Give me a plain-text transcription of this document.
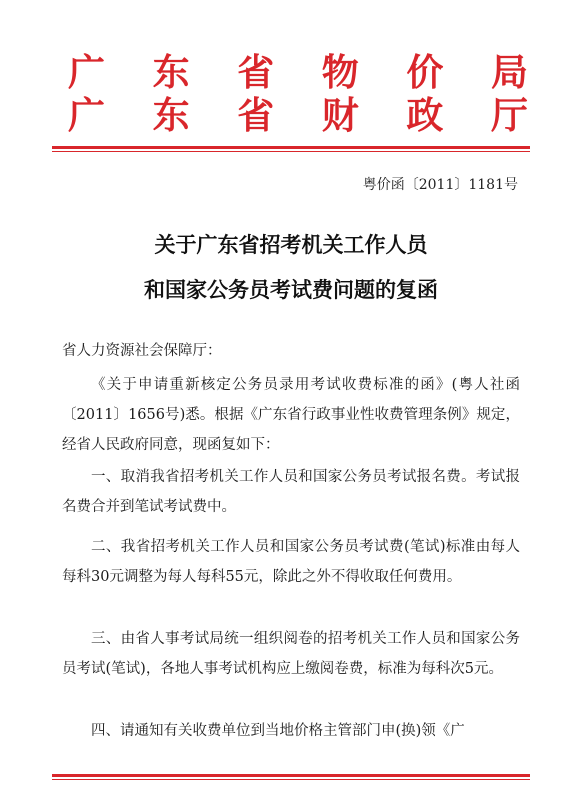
广 东 省 物 价 局
广 东 省 财 政 厅
粤价函〔2011〕1181号
关于广东省招考机关工作人员
和国家公务员考试费问题的复函
省人力资源社会保障厅：

《关于申请重新核定公务员录用考试收费标准的函》(粤人社函〔2011〕1656号)悉。根据《广东省行政事业性收费管理条例》规定，经省人民政府同意，现函复如下：

一、取消我省招考机关工作人员和国家公务员考试报名费。考试报名费合并到笔试考试费中。

二、我省招考机关工作人员和国家公务员考试费(笔试)标准由每人每科30元调整为每人每科55元，除此之外不得收取任何费用。

三、由省人事考试局统一组织阅卷的招考机关工作人员和国家公务员考试(笔试)，各地人事考试机构应上缴阅卷费，标准为每科次5元。

四、请通知有关收费单位到当地价格主管部门申(换)领《广
